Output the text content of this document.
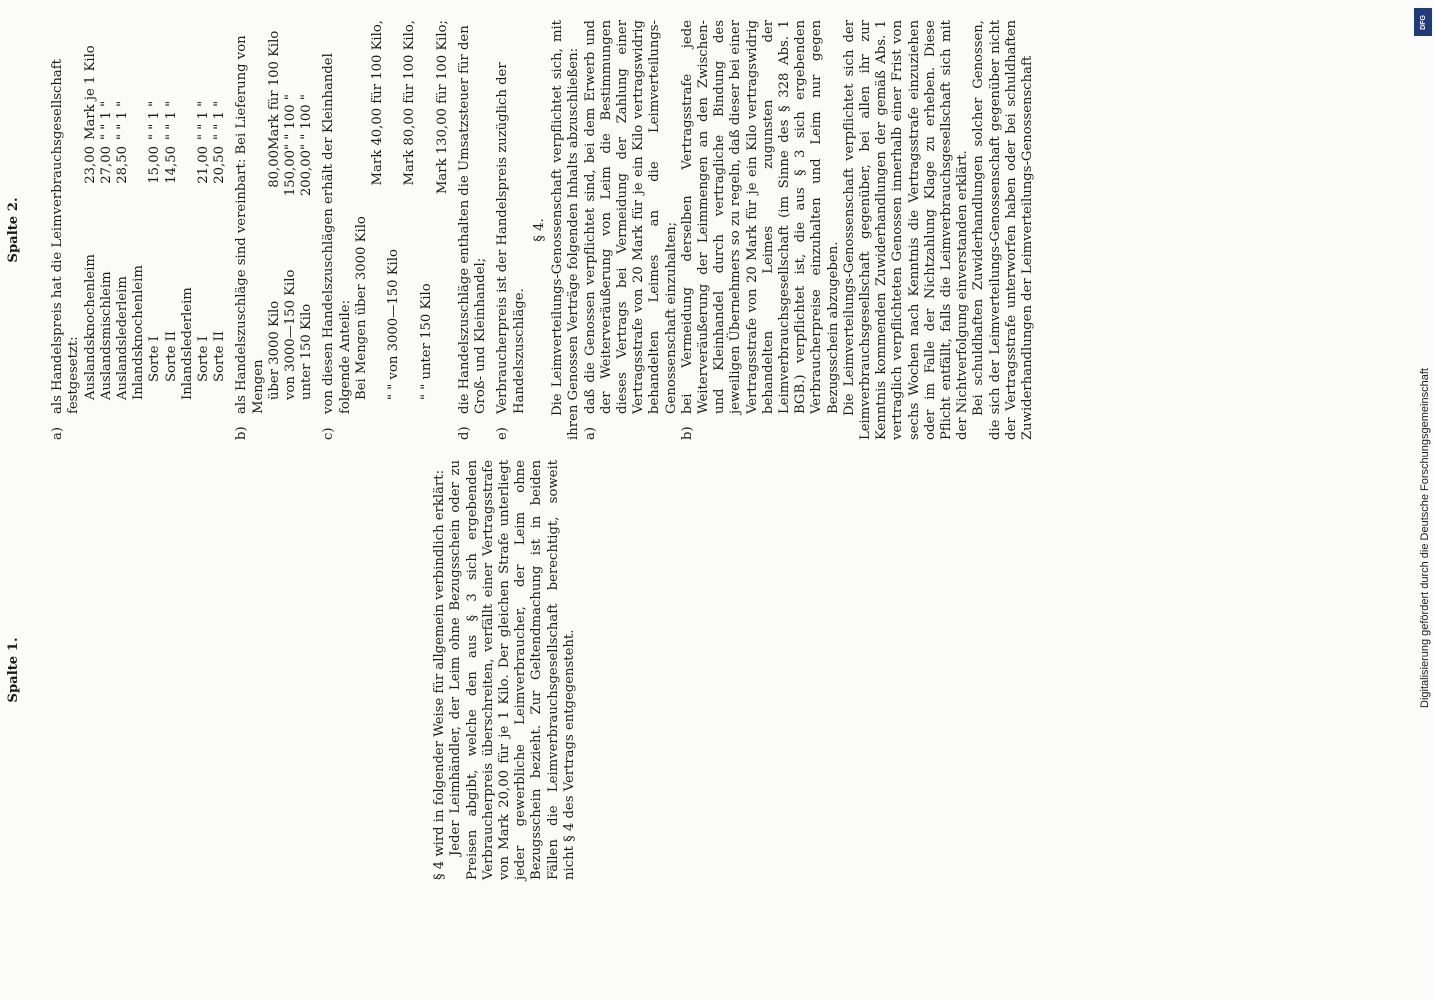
Spalte 1.	§ 4 wird in folgender Weise für allgemein verbindlich erklärt: Jeder Leimhändler, der Leim ohne Bezugsschein oder zu Preisen abgibt, welche den aus § 3 sich ergebenden Verbraucherpreis überschreiten, verfällt einer Vertragsstrafe von Mark 20,00 für je 1 Kilo. Der gleichen Strafe unterliegt jeder gewerbliche Leimverbraucher, der Leim ohne Bezugsschein bezieht. Zur Geltendmachung ist in beiden Fällen die Leimverbrauchsgesellschaft berechtigt, soweit nicht § 4 des Vertrags entgegensteht.

Spalte 2.
a)
als Handelspreis hat die Leimverbrauchsgesellschaft festgesetzt: Auslandsknochenleim
23,00
Mark je 1 Kilo
Auslandsmischleim
27,00
" " 1 "
Auslandslederleim
28,50
" " 1 "
Inlandsknochenleim Sorte I
15,00
" " 1 "
Sorte II
14,50
" " 1 "
Inlandslederleim Sorte I
21,00
" " 1 "
Sorte II
20,50
" " 1 "
b)
als Handelszuschläge sind vereinbart: Bei Lieferung von Mengen über 3000 Kilo
80,00
Mark für 100 Kilo
von 3000—150 Kilo
150,00
" " 100 "
unter 150 Kilo
200,00
" " 100 "
c)
von diesen Handelszuschlägen erhält der Kleinhandel folgende Anteile: Bei Mengen über 3000 Kilo
Mark 40,00 für 100 Kilo,
" " von 3000—150 Kilo
Mark 80,00 für 100 Kilo,
" " unter 150 Kilo
Mark 130,00 für 100 Kilo;
d)
die Handelszuschläge enthalten die Umsatzsteuer für den Groß- und Kleinhandel;
e)
Verbraucherpreis ist der Handelspreis zuzüglich der Handelszuschläge.
§ 4. Die Leimverteilungs-Genossenschaft verpflichtet sich, mit ihren Genossen Verträge folgenden Inhalts abzuschließen: a)
daß die Genossen verpflichtet sind, bei dem Erwerb und der Weiterveräußerung von Leim die Bestimmungen dieses Vertrags bei Vermeidung der Zahlung einer Vertragsstrafe von 20 Mark für je ein Kilo vertragswidrig behandelten Leimes an die Leimverteilungs-Genossenschaft einzuhalten;
b)
bei Vermeidung derselben Vertragsstrafe jede Weiterveräußerung der Leimmengen an den Zwischen- und Kleinhandel durch vertragliche Bindung des jeweiligen Übernehmers so zu regeln, daß dieser bei einer Vertragsstrafe von 20 Mark für je ein Kilo vertragswidrig behandelten Leimes zugunsten der Leimverbrauchsgesellschaft (im Sinne des § 328 Abs. 1 BGB.) verpflichtet ist, die aus § 3 sich ergebenden Verbraucherpreise einzuhalten und Leim nur gegen Bezugsschein abzugeben. Die Leimverteilungs-Genossenschaft verpflichtet sich der Leimverbrauchsgesellschaft gegenüber, bei allen ihr zur Kenntnis kommenden Zuwiderhandlungen der gemäß Abs. 1 vertraglich verpflichteten Genossen innerhalb einer Frist von sechs Wochen nach Kenntnis die Vertragsstrafe einzuziehen oder im Falle der Nichtzahlung Klage zu erheben. Diese Pflicht entfällt, falls die Leimverbrauchsgesellschaft sich mit der Nichtverfolgung einverstanden erklärt. Bei schuldhaften Zuwiderhandlungen solcher Genossen, die sich der Leimverteilungs-Genossenschaft gegenüber nicht der Vertragsstrafe unterworfen haben oder bei schuldhaften Zuwiderhandlungen der Leimverteilungs-Genossenschaft

DFG
Digitalisierung gefördert durch die Deutsche Forschungsgemeinschaft
